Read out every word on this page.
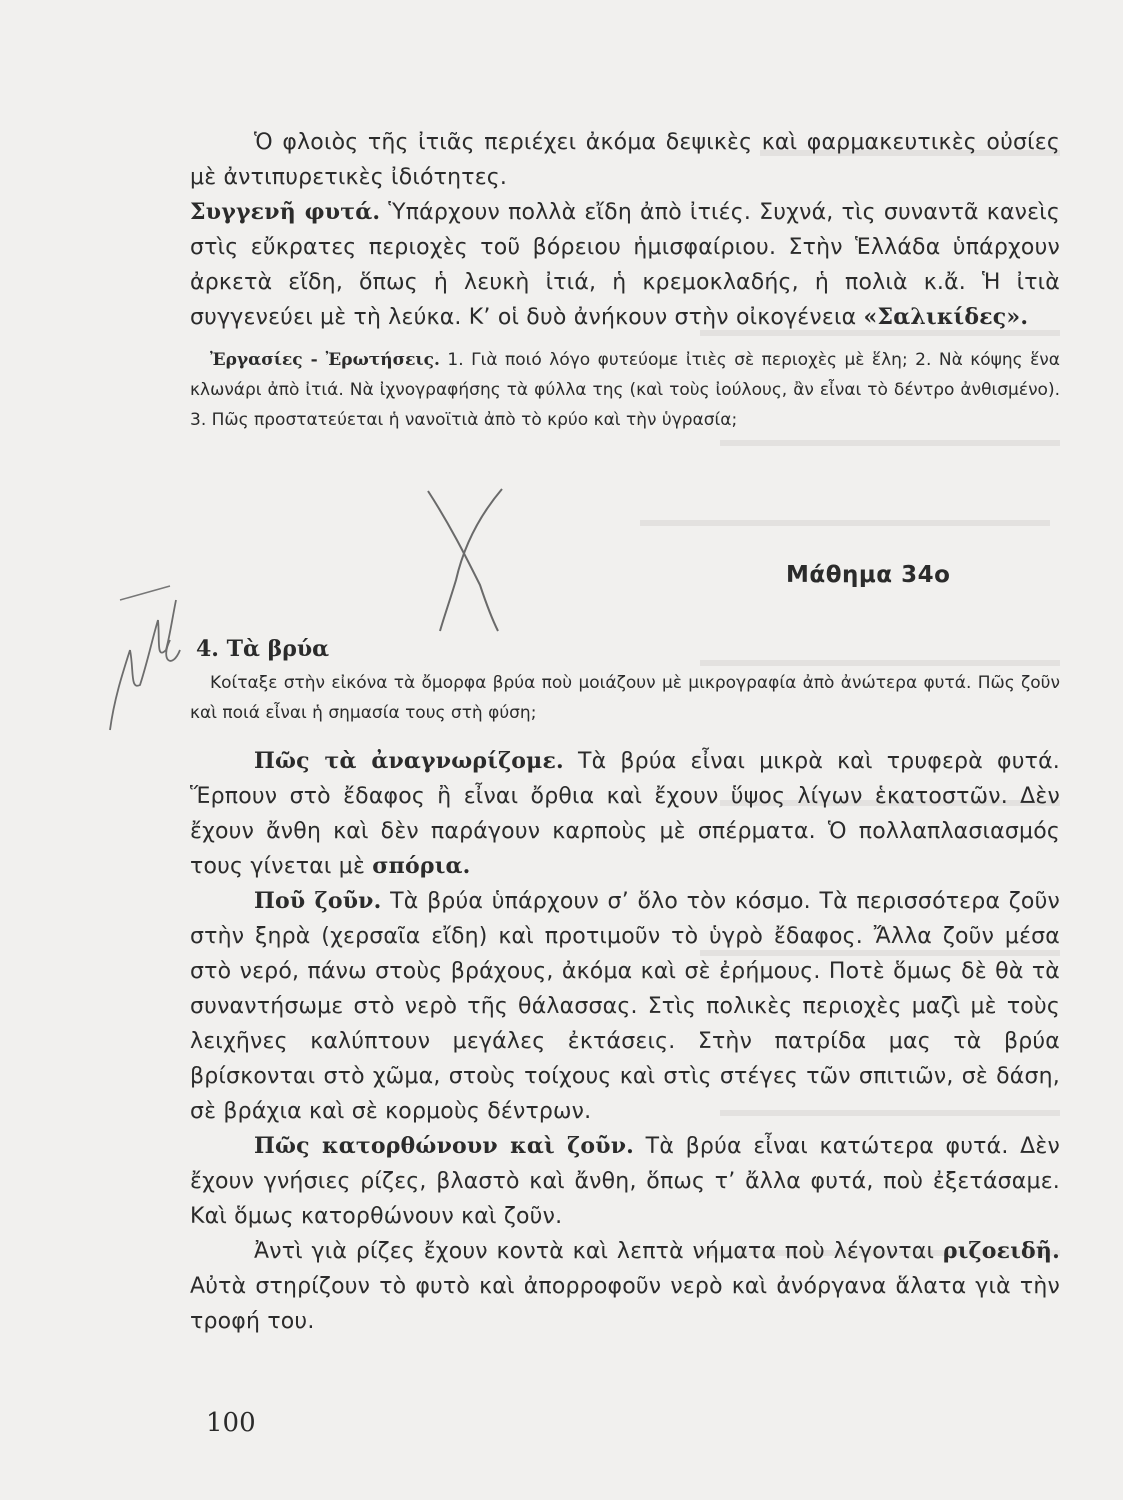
Ὁ φλοιὸς τῆς ἰτιᾶς περιέχει ἀκόμα δεψικὲς καὶ φαρμακευτικὲς οὐσίες μὲ ἀντιπυρετικὲς ἰδιότητες.

Συγγενῆ φυτά. Ὑπάρχουν πολλὰ εἴδη ἀπὸ ἰτιές. Συχνά, τὶς συναντᾶ κανεὶς στὶς εὔκρατες περιοχὲς τοῦ βόρειου ἡμισφαίριου. Στὴν Ἑλλάδα ὑπάρχουν ἀρκετὰ εἴδη, ὅπως ἡ λευκὴ ἰτιά, ἡ κρεμοκλαδής, ἡ πολιὰ κ.ἄ. Ἡ ἰτιὰ συγγενεύει μὲ τὴ λεύκα. Κ’ οἱ δυὸ ἀνήκουν στὴν οἰκογένεια «Σαλικίδες».

Ἐργασίες - Ἐρωτήσεις. 1. Γιὰ ποιό λόγο φυτεύομε ἰτιὲς σὲ περιοχὲς μὲ ἕλη; 2. Νὰ κόψης ἕνα κλωνάρι ἀπὸ ἰτιά. Νὰ ἰχνογραφήσης τὰ φύλλα της (καὶ τοὺς ἰούλους, ἂν εἶναι τὸ δέντρο ἀνθισμένο). 3. Πῶς προστατεύεται ἡ νανοϊτιὰ ἀπὸ τὸ κρύο καὶ τὴν ὑγρασία;

Μάθημα 34ο
4. Τὰ βρύα

Κοίταξε στὴν εἰκόνα τὰ ὄμορφα βρύα ποὺ μοιάζουν μὲ μικρογραφία ἀπὸ ἀνώτερα φυτά. Πῶς ζοῦν καὶ ποιά εἶναι ἡ σημασία τους στὴ φύση;

Πῶς τὰ ἀναγνωρίζομε. Τὰ βρύα εἶναι μικρὰ καὶ τρυφερὰ φυτά. Ἕρπουν στὸ ἔδαφος ἢ εἶναι ὄρθια καὶ ἔχουν ὕψος λίγων ἑκατοστῶν. Δὲν ἔχουν ἄνθη καὶ δὲν παράγουν καρποὺς μὲ σπέρματα. Ὁ πολλαπλασιασμός τους γίνεται μὲ σπόρια.

Ποῦ ζοῦν. Τὰ βρύα ὑπάρχουν σ’ ὅλο τὸν κόσμο. Τὰ περισσότερα ζοῦν στὴν ξηρὰ (χερσαῖα εἴδη) καὶ προτιμοῦν τὸ ὑγρὸ ἔδαφος. Ἄλλα ζοῦν μέσα στὸ νερό, πάνω στοὺς βράχους, ἀκόμα καὶ σὲ ἐρήμους. Ποτὲ ὅμως δὲ θὰ τὰ συναντήσωμε στὸ νερὸ τῆς θάλασσας. Στὶς πολικὲς περιοχὲς μαζὶ μὲ τοὺς λειχῆνες καλύπτουν μεγάλες ἐκτάσεις. Στὴν πατρίδα μας τὰ βρύα βρίσκονται στὸ χῶμα, στοὺς τοίχους καὶ στὶς στέγες τῶν σπιτιῶν, σὲ δάση, σὲ βράχια καὶ σὲ κορμοὺς δέντρων.

Πῶς κατορθώνουν καὶ ζοῦν. Τὰ βρύα εἶναι κατώτερα φυτά. Δὲν ἔχουν γνήσιες ρίζες, βλαστὸ καὶ ἄνθη, ὅπως τ’ ἄλλα φυτά, ποὺ ἐξετάσαμε. Καὶ ὅμως κατορθώνουν καὶ ζοῦν.

Ἀντὶ γιὰ ρίζες ἔχουν κοντὰ καὶ λεπτὰ νήματα ποὺ λέγονται ριζοειδῆ. Αὐτὰ στηρίζουν τὸ φυτὸ καὶ ἀπορροφοῦν νερὸ καὶ ἀνόργανα ἅλατα γιὰ τὴν τροφή του.

100
